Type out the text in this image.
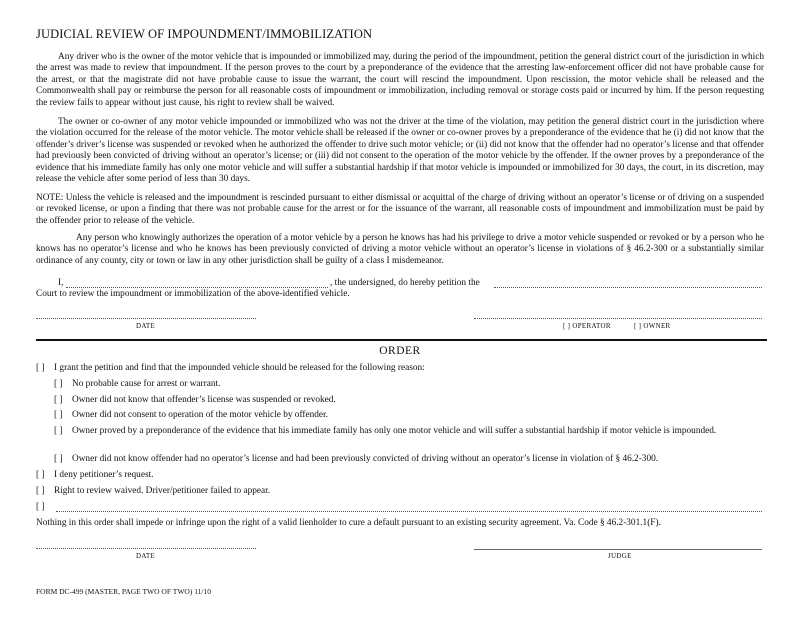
JUDICIAL REVIEW OF IMPOUNDMENT/IMMOBILIZATION

Any driver who is the owner of the motor vehicle that is impounded or immobilized may, during the period of the impoundment, petition the general district court of the jurisdiction in which the arrest was made to review that impoundment. If the person proves to the court by a preponderance of the evidence that the arresting law-enforcement officer did not have probable cause for the arrest, or that the magistrate did not have probable cause to issue the warrant, the court will rescind the impoundment. Upon rescission, the motor vehicle shall be released and the Commonwealth shall pay or reimburse the person for all reasonable costs of impoundment or immobilization, including removal or storage costs paid or incurred by him. If the person requesting the review fails to appear without just cause, his right to review shall be waived.

The owner or co-owner of any motor vehicle impounded or immobilized who was not the driver at the time of the violation, may petition the general district court in the jurisdiction where the violation occurred for the release of the motor vehicle. The motor vehicle shall be released if the owner or co-owner proves by a preponderance of the evidence that he (i) did not know that the offender’s driver’s license was suspended or revoked when he authorized the offender to drive such motor vehicle; or (ii) did not know that the offender had no operator’s license and that offender had previously been convicted of driving without an operator’s license; or (iii) did not consent to the operation of the motor vehicle by the offender. If the owner proves by a preponderance of the evidence that his immediate family has only one motor vehicle and will suffer a substantial hardship if that motor vehicle is impounded or immobilized for 30 days, the court, in its discretion, may release the vehicle after some period of less than 30 days.

NOTE: Unless the vehicle is released and the impoundment is rescinded pursuant to either dismissal or acquittal of the charge of driving without an operator’s license or of driving on a suspended or revoked license, or upon a finding that there was not probable cause for the arrest or for the issuance of the warrant, all reasonable costs of impoundment and immobilization must be paid by the offender prior to release of the vehicle.

Any person who knowingly authorizes the operation of a motor vehicle by a person he knows has had his privilege to drive a motor vehicle suspended or revoked or by a person who he knows has no operator’s license and who he knows has been previously convicted of driving a motor vehicle without an operator’s license in violations of § 46.2-300 or a substantially similar ordinance of any county, city or town or law in any other jurisdiction shall be guilty of a class I misdemeanor.

I,	, the undersigned, do hereby petition the
Court to review the impoundment or immobilization of the above-identified vehicle.
DATE	[ ] OPERATOR	[ ] OWNER
ORDER
[ ] I grant the petition and find that the impounded vehicle should be released for the following reason:
[ ] No probable cause for arrest or warrant.
[ ] Owner did not know that offender’s license was suspended or revoked.
[ ] Owner did not consent to operation of the motor vehicle by offender.
[ ]	Owner proved by a preponderance of the evidence that his immediate family has only one motor vehicle and will suffer a substantial hardship if motor vehicle is impounded.
[ ] Owner did not know offender had no operator’s license and had been previously convicted of driving without an operator’s license in violation of § 46.2-300.
[ ] I deny petitioner’s request.
[ ] Right to review waived. Driver/petitioner failed to appear.
[ ]
Nothing in this order shall impede or infringe upon the right of a valid lienholder to cure a default pursuant to an existing security agreement. Va. Code § 46.2-301.1(F).
DATE	JUDGE
FORM DC-499 (MASTER, PAGE TWO OF TWO) 11/10
